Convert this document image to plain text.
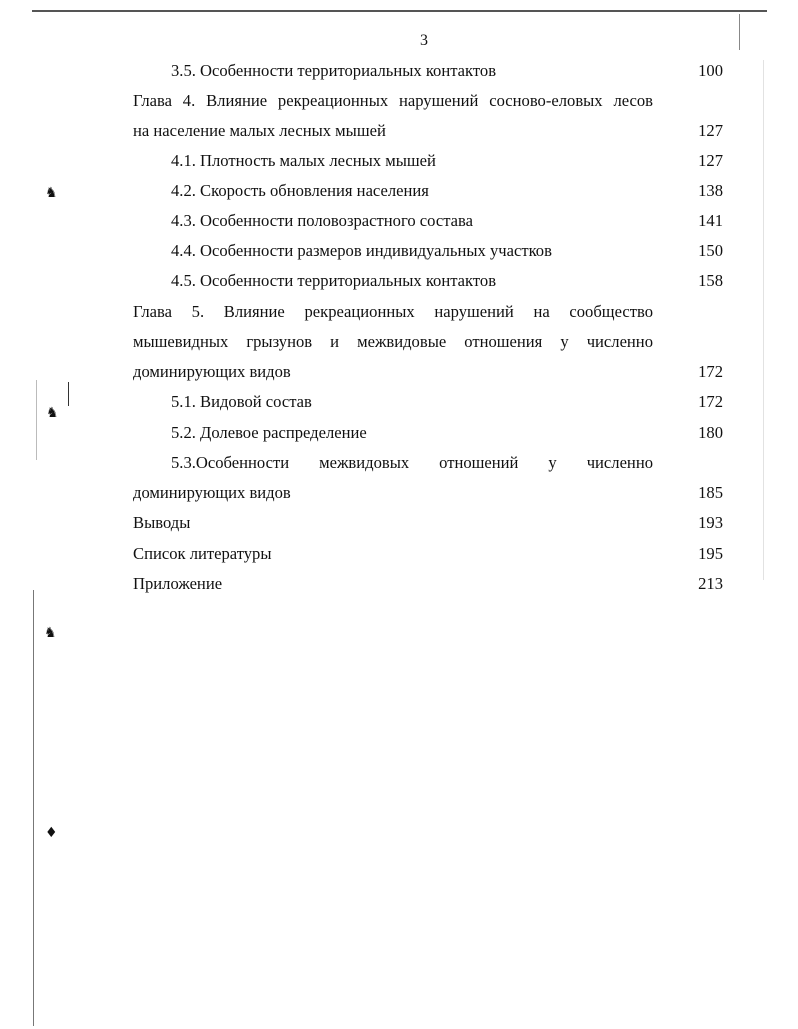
♞
♞
♞
♦
3
3.5. Особенности территориальных контактов	100
Глава 4. Влияние рекреационных нарушений сосново-еловых лесов
на население малых лесных мышей	127
4.1. Плотность малых лесных мышей	127
4.2. Скорость обновления населения	138
4.3. Особенности половозрастного состава	141
4.4. Особенности размеров индивидуальных участков	150
4.5. Особенности территориальных контактов	158
Глава 5. Влияние рекреационных нарушений на сообщество
мышевидных грызунов и межвидовые отношения у численно
доминирующих видов	172
5.1. Видовой состав	172
5.2. Долевое распределение	180
5.3.Особенности межвидовых отношений у численно
доминирующих видов	185
Выводы	193
Список литературы	195
Приложение	213
